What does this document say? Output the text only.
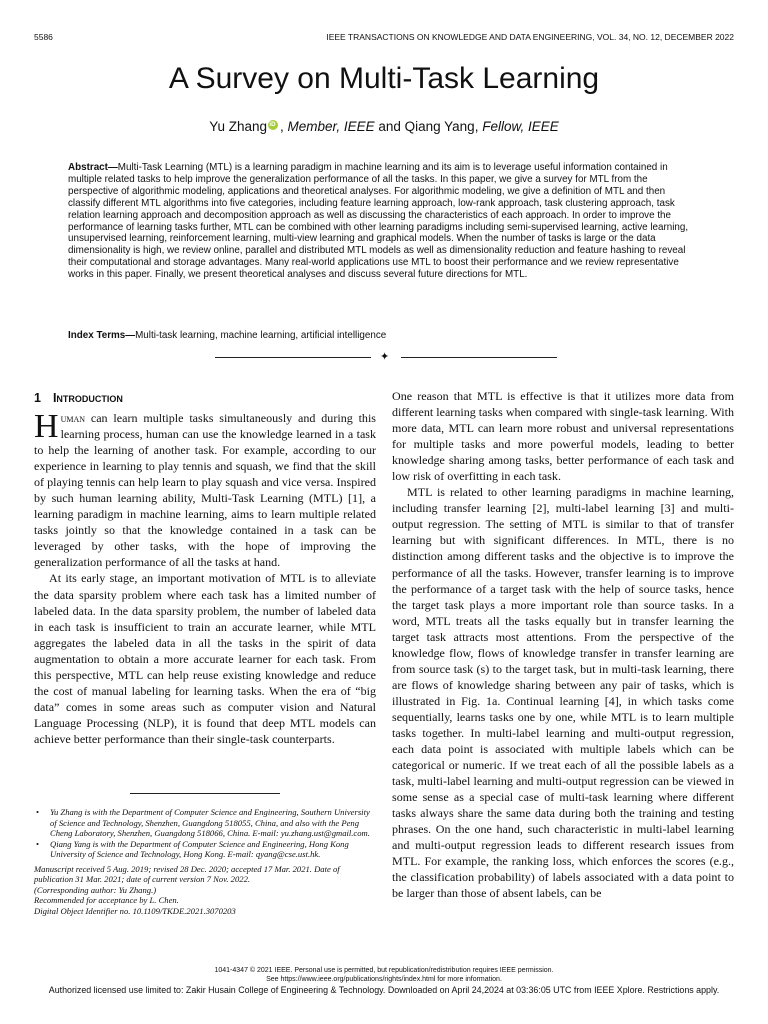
5586	IEEE TRANSACTIONS ON KNOWLEDGE AND DATA ENGINEERING, VOL. 34, NO. 12, DECEMBER 2022
A Survey on Multi-Task Learning
Yu ZhangiD , Member, IEEE and Qiang Yang, Fellow, IEEE
Abstract—Multi-Task Learning (MTL) is a learning paradigm in machine learning and its aim is to leverage useful information contained in multiple related tasks to help improve the generalization performance of all the tasks. In this paper, we give a survey for MTL from the perspective of algorithmic modeling, applications and theoretical analyses. For algorithmic modeling, we give a definition of MTL and then classify different MTL algorithms into five categories, including feature learning approach, low-rank approach, task clustering approach, task relation learning approach and decomposition approach as well as discussing the characteristics of each approach. In order to improve the performance of learning tasks further, MTL can be combined with other learning paradigms including semi-supervised learning, active learning, unsupervised learning, reinforcement learning, multi-view learning and graphical models. When the number of tasks is large or the data dimensionality is high, we review online, parallel and distributed MTL models as well as dimensionality reduction and feature hashing to reveal their computational and storage advantages. Many real-world applications use MTL to boost their performance and we review representative works in this paper. Finally, we present theoretical analyses and discuss several future directions for MTL.
Index Terms—Multi-task learning, machine learning, artificial intelligence
✦
1 Introduction

Human can learn multiple tasks simultaneously and during this learning process, human can use the knowledge learned in a task to help the learning of another task. For example, according to our experience in learning to play tennis and squash, we find that the skill of playing tennis can help learn to play squash and vice versa. Inspired by such human learning ability, Multi-Task Learning (MTL) [1], a learning paradigm in machine learning, aims to learn multiple related tasks jointly so that the knowledge contained in a task can be leveraged by other tasks, with the hope of improving the generalization performance of all the tasks at hand.

At its early stage, an important motivation of MTL is to alleviate the data sparsity problem where each task has a limited number of labeled data. In the data sparsity problem, the number of labeled data in each task is insufficient to train an accurate learner, while MTL aggregates the labeled data in all the tasks in the spirit of data augmentation to obtain a more accurate learner for each task. From this perspective, MTL can help reuse existing knowledge and reduce the cost of manual labeling for learning tasks. When the era of “big data” comes in some areas such as computer vision and Natural Language Processing (NLP), it is found that deep MTL models can achieve better performance than their single-task counterparts.

One reason that MTL is effective is that it utilizes more data from different learning tasks when compared with single-task learning. With more data, MTL can learn more robust and universal representations for multiple tasks and more powerful models, leading to better knowledge sharing among tasks, better performance of each task and low risk of overfitting in each task.

MTL is related to other learning paradigms in machine learning, including transfer learning [2], multi-label learning [3] and multi-output regression. The setting of MTL is similar to that of transfer learning but with significant differences. In MTL, there is no distinction among different tasks and the objective is to improve the performance of all the tasks. However, transfer learning is to improve the performance of a target task with the help of source tasks, hence the target task plays a more important role than source tasks. In a word, MTL treats all the tasks equally but in transfer learning the target task attracts most attentions. From the perspective of the knowledge flow, flows of knowledge transfer in transfer learning are from source task (s) to the target task, but in multi-task learning, there are flows of knowledge sharing between any pair of tasks, which is illustrated in Fig. 1a. Continual learning [4], in which tasks come sequentially, learns tasks one by one, while MTL is to learn multiple tasks together. In multi-label learning and multi-output regression, each data point is associated with multiple labels which can be categorical or numeric. If we treat each of all the possible labels as a task, multi-label learning and multi-output regression can be viewed in some sense as a special case of multi-task learning where different tasks always share the same data during both the training and testing phrases. On the one hand, such characteristic in multi-label learning and multi-output regression leads to different research issues from MTL. For example, the ranking loss, which enforces the scores (e.g., the classification probability) of labels associated with a data point to be larger than those of absent labels, can be

• Yu Zhang is with the Department of Computer Science and Engineering, Southern University of Science and Technology, Shenzhen, Guangdong 518055, China, and also with the Peng Cheng Laboratory, Shenzhen, Guangdong 518066, China. E-mail: yu.zhang.ust@gmail.com.
• Qiang Yang is with the Department of Computer Science and Engineering, Hong Kong University of Science and Technology, Hong Kong. E-mail: qyang@cse.ust.hk.
Manuscript received 5 Aug. 2019; revised 28 Dec. 2020; accepted 17 Mar. 2021. Date of publication 31 Mar. 2021; date of current version 7 Nov. 2022.
(Corresponding author: Yu Zhang.)
Recommended for acceptance by L. Chen.
Digital Object Identifier no. 10.1109/TKDE.2021.3070203
1041-4347 © 2021 IEEE. Personal use is permitted, but republication/redistribution requires IEEE permission.
See https://www.ieee.org/publications/rights/index.html for more information.
Authorized licensed use limited to: Zakir Husain College of Engineering & Technology. Downloaded on April 24,2024 at 03:36:05 UTC from IEEE Xplore. Restrictions apply.
